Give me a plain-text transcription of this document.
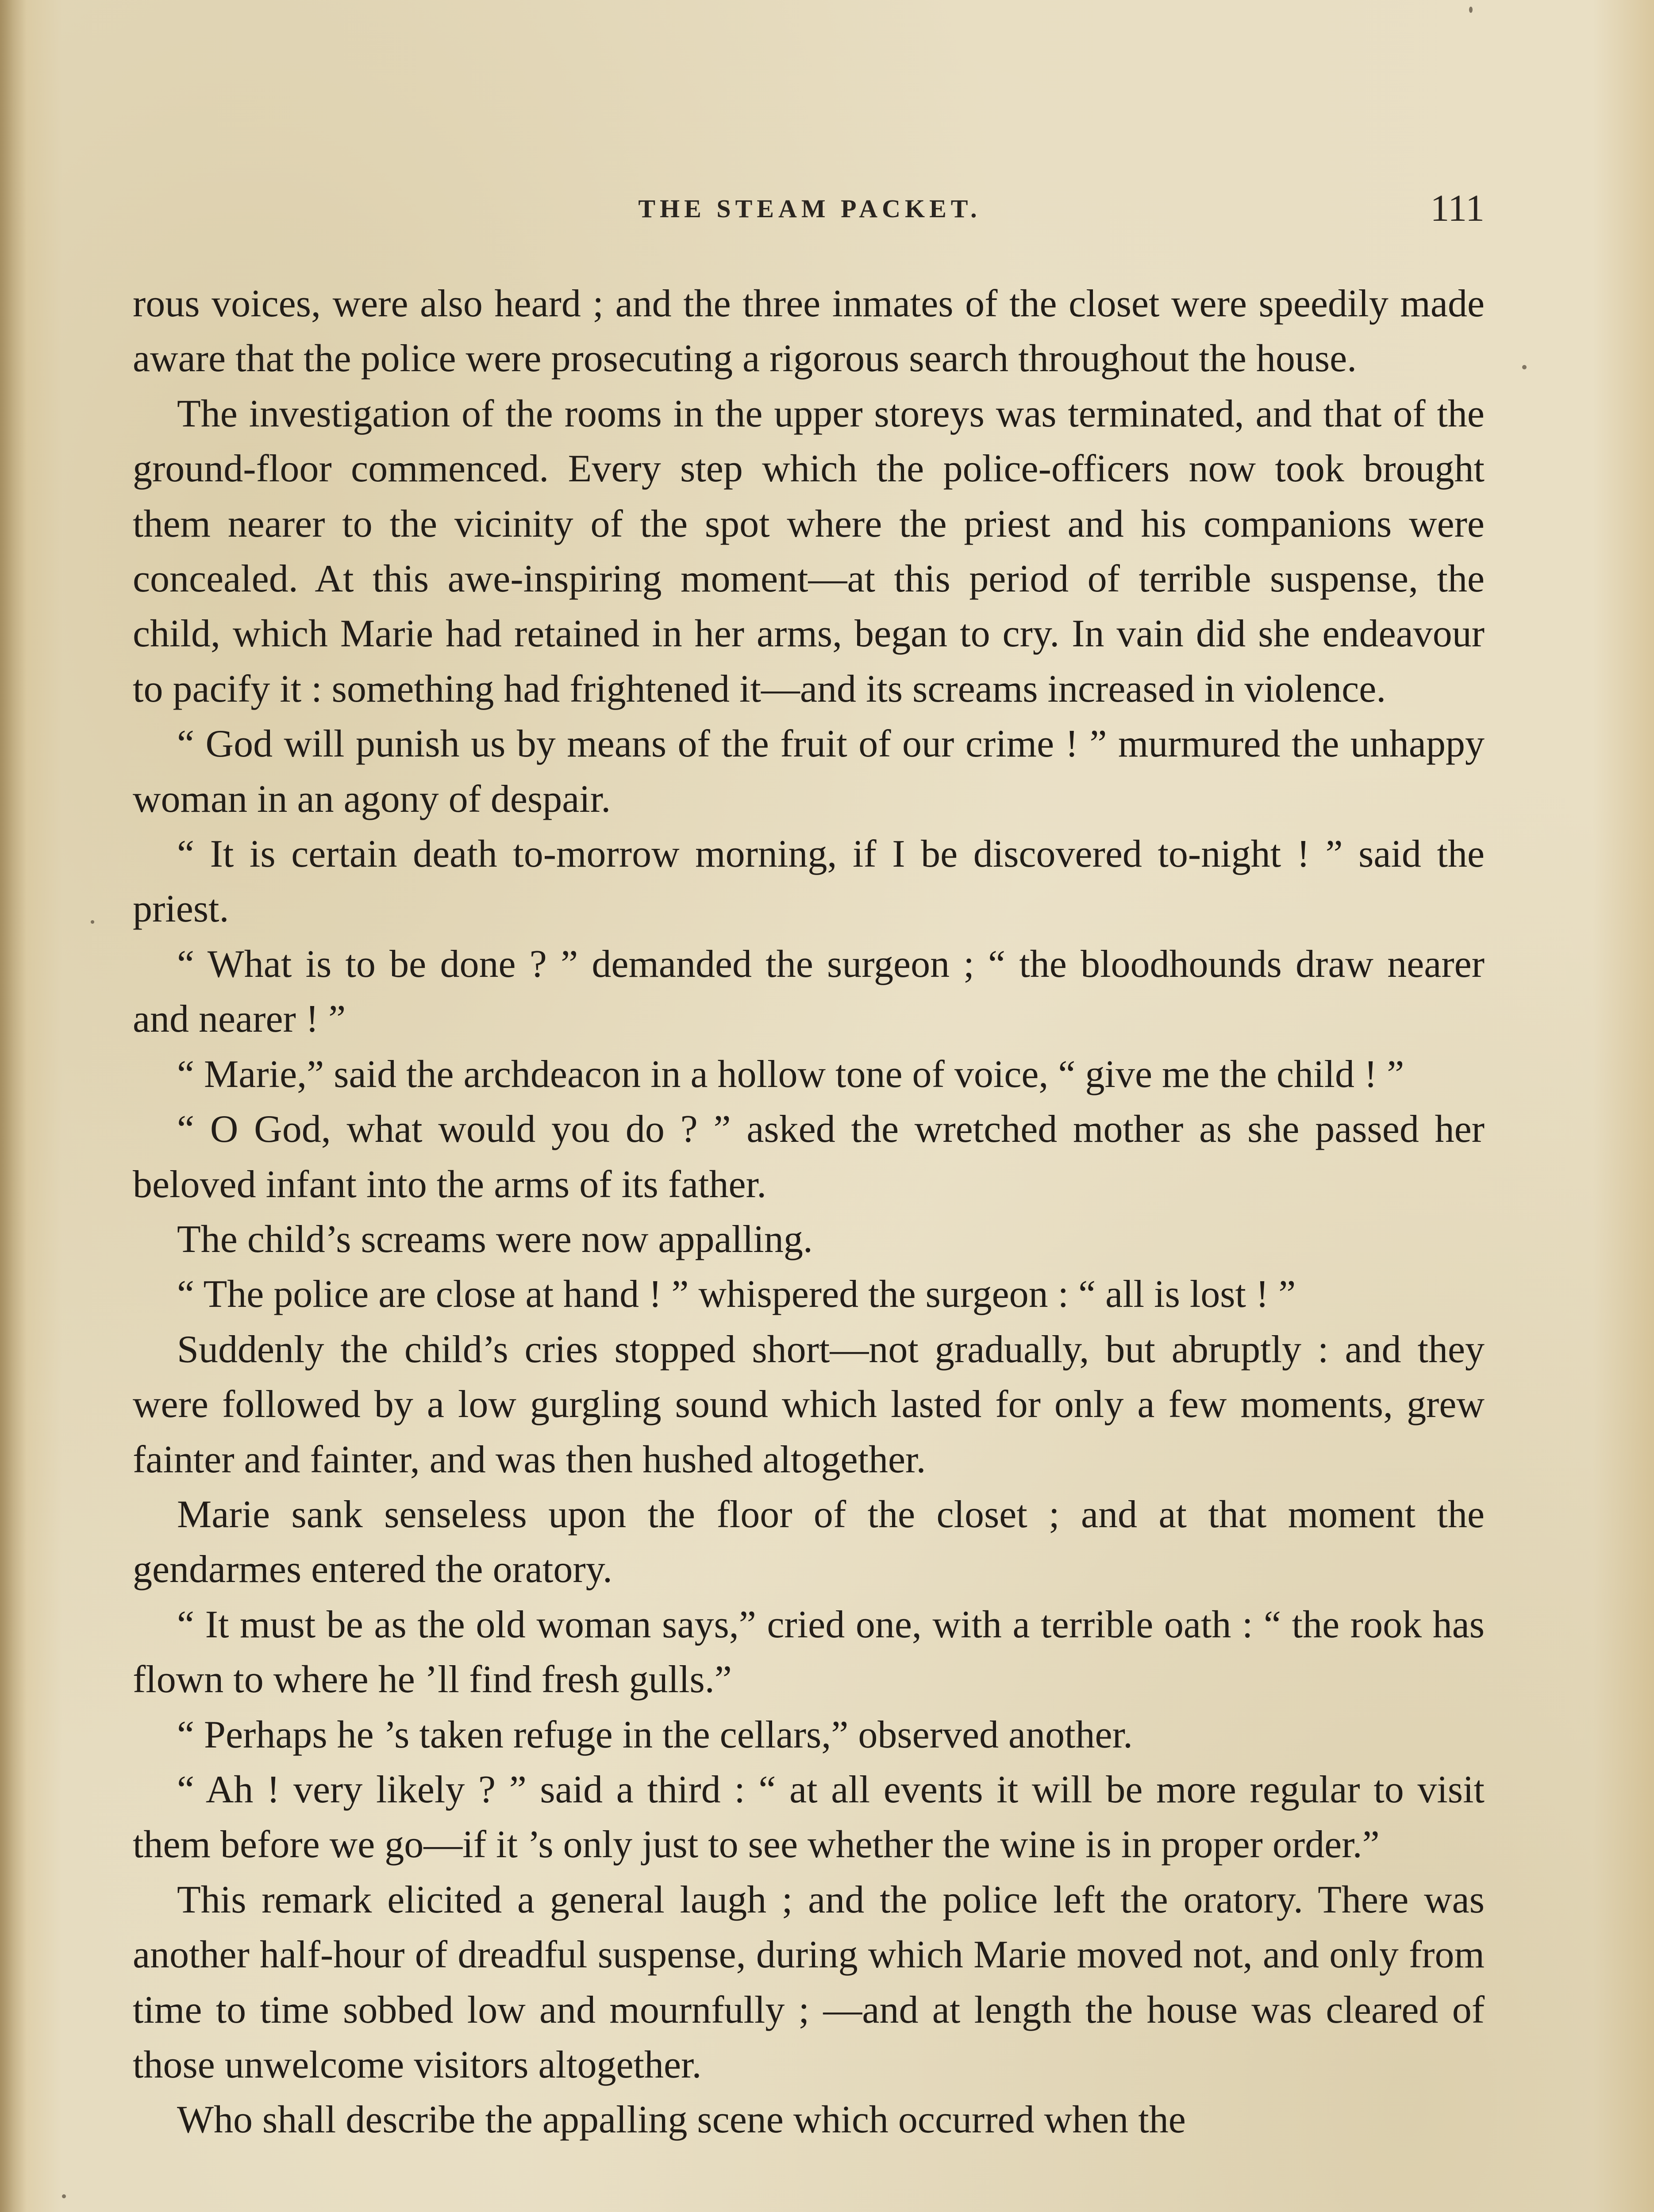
THE STEAM PACKET.	111

rous voices, were also heard ; and the three inmates of the closet were speedily made aware that the police were prosecuting a rigorous search throughout the house.

The investigation of the rooms in the upper storeys was terminated, and that of the ground-floor commenced. Every step which the police-officers now took brought them nearer to the vicinity of the spot where the priest and his companions were concealed. At this awe-inspiring moment—at this period of terrible suspense, the child, which Marie had retained in her arms, began to cry. In vain did she endeavour to pacify it : something had frightened it—and its screams increased in violence.

“ God will punish us by means of the fruit of our crime ! ” murmured the unhappy woman in an agony of despair.

“ It is certain death to-morrow morning, if I be discovered to-night ! ” said the priest.

“ What is to be done ? ” demanded the surgeon ; “ the bloodhounds draw nearer and nearer ! ”

“ Marie,” said the archdeacon in a hollow tone of voice, “ give me the child ! ”

“ O God, what would you do ? ” asked the wretched mother as she passed her beloved infant into the arms of its father.

The child’s screams were now appalling.

“ The police are close at hand ! ” whispered the surgeon : “ all is lost ! ”

Suddenly the child’s cries stopped short—not gradually, but abruptly : and they were followed by a low gurgling sound which lasted for only a few moments, grew fainter and fainter, and was then hushed altogether.

Marie sank senseless upon the floor of the closet ; and at that moment the gendarmes entered the oratory.

“ It must be as the old woman says,” cried one, with a terrible oath : “ the rook has flown to where he ’ll find fresh gulls.”

“ Perhaps he ’s taken refuge in the cellars,” observed another.

“ Ah ! very likely ? ” said a third : “ at all events it will be more regular to visit them before we go—if it ’s only just to see whether the wine is in proper order.”

This remark elicited a general laugh ; and the police left the oratory. There was another half-hour of dreadful suspense, during which Marie moved not, and only from time to time sobbed low and mournfully ; —and at length the house was cleared of those unwelcome visitors altogether.

Who shall describe the appalling scene which occurred when the
